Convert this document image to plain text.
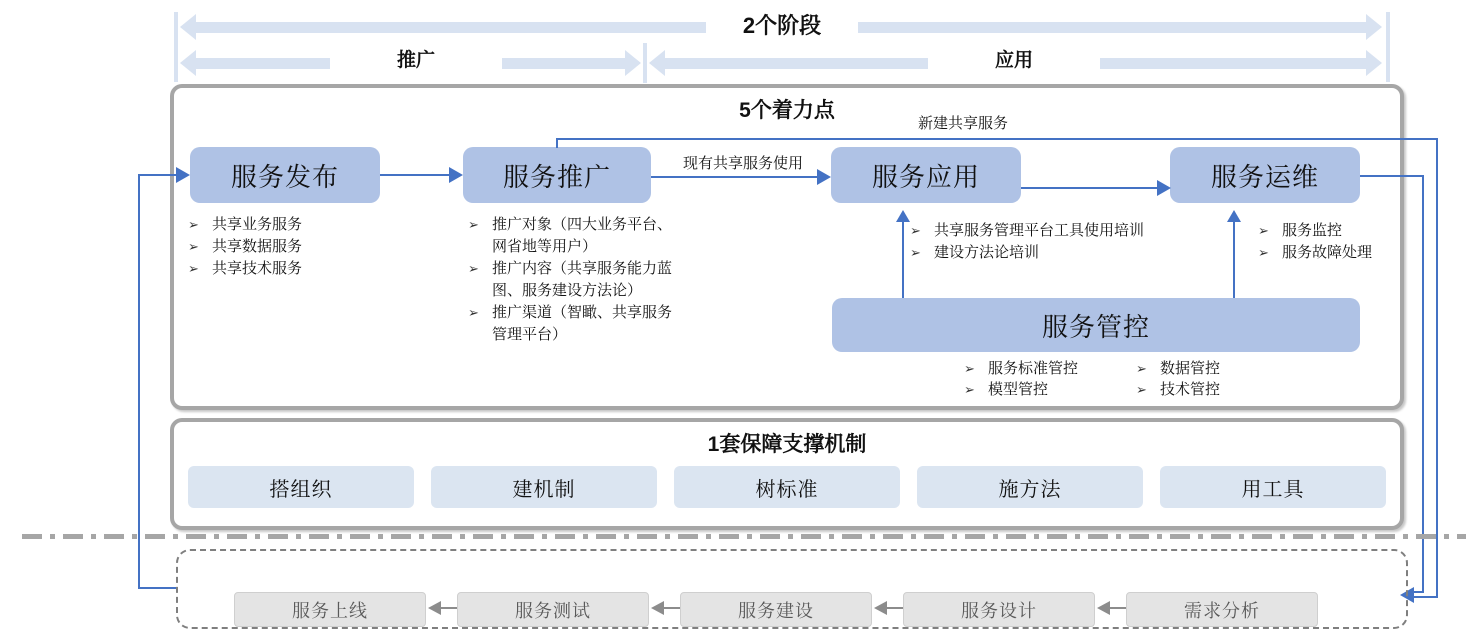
2个阶段
推广	应用
5个着力点
服务发布	服务推广	服务应用	服务运维
服务管控
➢ 共享业务服务
➢ 共享数据服务
➢ 共享技术服务
➢ 推广对象（四大业务平台、网省地等用户）
➢ 推广内容（共享服务能力蓝图、服务建设方法论）
➢ 推广渠道（智瞰、共享服务管理平台）
➢ 共享服务管理平台工具使用培训
➢ 建设方法论培训
➢ 服务监控
➢ 服务故障处理
➢ 服务标准管控
➢ 模型管控
➢ 数据管控
➢ 技术管控
现有共享服务使用
新建共享服务
1套保障支撑机制
搭组织	建机制	树标准	施方法	用工具
服务上线	服务测试	服务建设	服务设计	需求分析
